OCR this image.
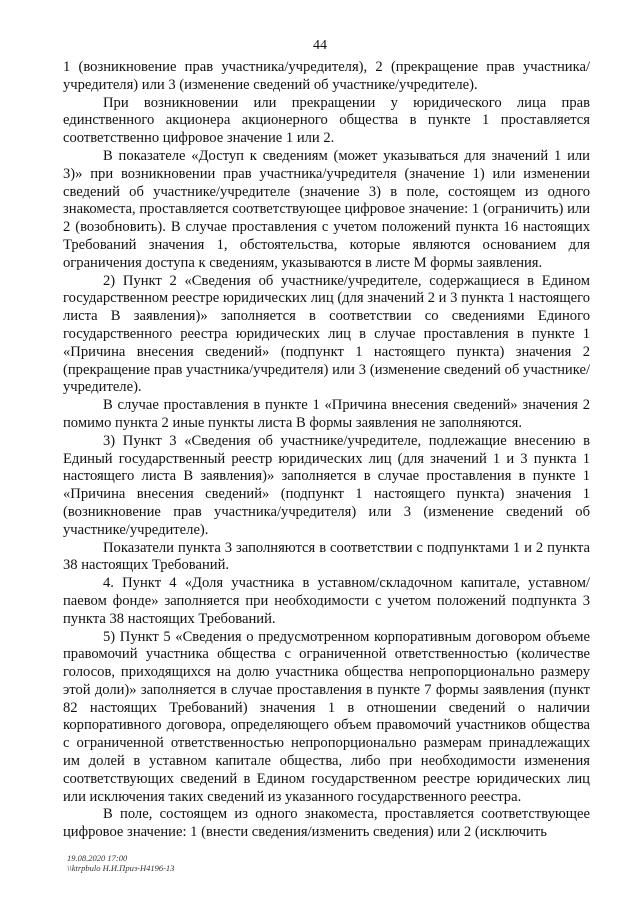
44

1 (возникновение прав участника/учредителя), 2 (прекращение прав участника/учредителя) или 3 (изменение сведений об участнике/учредителе).

При возникновении или прекращении у юридического лица прав единственного акционера акционерного общества в пункте 1 проставляется соответственно цифровое значение 1 или 2.

В показателе «Доступ к сведениям (может указываться для значений 1 или 3)» при возникновении прав участника/учредителя (значение 1) или изменении сведений об участнике/учредителе (значение 3) в поле, состоящем из одного знакоместа, проставляется соответствующее цифровое значение: 1 (ограничить) или 2 (возобновить). В случае проставления с учетом положений пункта 16 настоящих Требований значения 1, обстоятельства, которые являются основанием для ограничения доступа к сведениям, указываются в листе М формы заявления.

2) Пункт 2 «Сведения об участнике/учредителе, содержащиеся в Едином государственном реестре юридических лиц (для значений 2 и 3 пункта 1 настоящего листа В заявления)» заполняется в соответствии со сведениями Единого государственного реестра юридических лиц в случае проставления в пункте 1 «Причина внесения сведений» (подпункт 1 настоящего пункта) значения 2 (прекращение прав участника/учредителя) или 3 (изменение сведений об участнике/учредителе).

В случае проставления в пункте 1 «Причина внесения сведений» значения 2 помимо пункта 2 иные пункты листа В формы заявления не заполняются.

3) Пункт 3 «Сведения об участнике/учредителе, подлежащие внесению в Единый государственный реестр юридических лиц (для значений 1 и 3 пункта 1 настоящего листа В заявления)» заполняется в случае проставления в пункте 1 «Причина внесения сведений» (подпункт 1 настоящего пункта) значения 1 (возникновение прав участника/учредителя) или 3 (изменение сведений об участнике/учредителе).

Показатели пункта 3 заполняются в соответствии с подпунктами 1 и 2 пункта 38 настоящих Требований.

4. Пункт 4 «Доля участника в уставном/складочном капитале, уставном/паевом фонде» заполняется при необходимости с учетом положений подпункта 3 пункта 38 настоящих Требований.

5) Пункт 5 «Сведения о предусмотренном корпоративным договором объеме правомочий участника общества с ограниченной ответственностью (количестве голосов, приходящихся на долю участника общества непропорционально размеру этой доли)» заполняется в случае проставления в пункте 7 формы заявления (пункт 82 настоящих Требований) значения 1 в отношении сведений о наличии корпоративного договора, определяющего объем правомочий участников общества с ограниченной ответственностью непропорционально размерам принадлежащих им долей в уставном капитале общества, либо при необходимости изменения соответствующих сведений в Едином государственном реестре юридических лиц или исключения таких сведений из указанного государственного реестра.

В поле, состоящем из одного знакоместа, проставляется соответствующее цифровое значение: 1 (внести сведения/изменить сведения) или 2 (исключить

19.08.2020 17:00
\\ktrpbulo Н.И.Приз-Н4196-13
